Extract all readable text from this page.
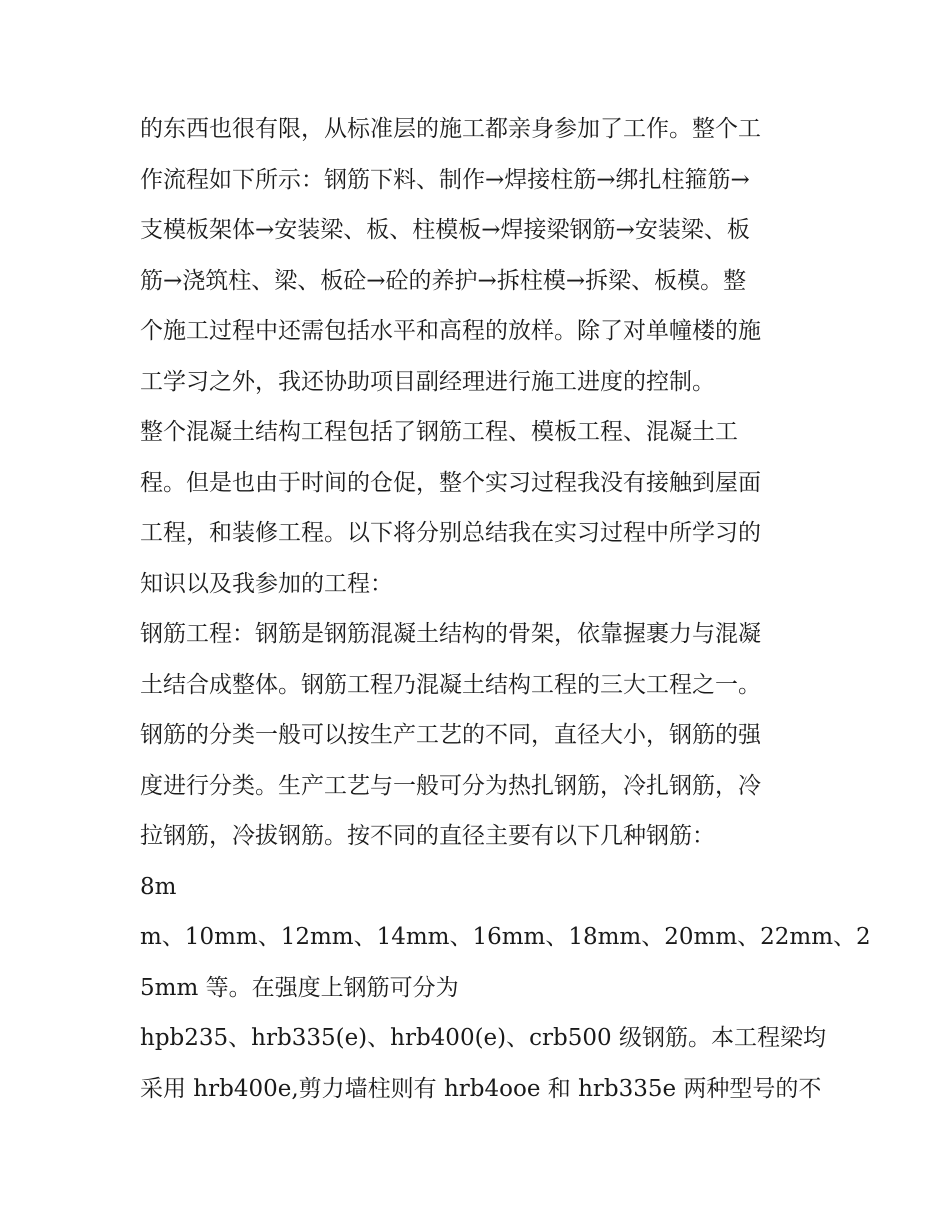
的东西也很有限，从标准层的施工都亲身参加了工作。整个工
作流程如下所示：钢筋下料、制作→焊接柱筋→绑扎柱箍筋→
支模板架体→安装梁、板、柱模板→焊接梁钢筋→安装梁、板
筋→浇筑柱、梁、板砼→砼的养护→拆柱模→拆梁、板模。整
个施工过程中还需包括水平和高程的放样。除了对单幢楼的施
工学习之外，我还协助项目副经理进行施工进度的控制。
整个混凝土结构工程包括了钢筋工程、模板工程、混凝土工
程。但是也由于时间的仓促，整个实习过程我没有接触到屋面
工程，和装修工程。以下将分别总结我在实习过程中所学习的
知识以及我参加的工程：
钢筋工程：钢筋是钢筋混凝土结构的骨架，依靠握裹力与混凝
土结合成整体。钢筋工程乃混凝土结构工程的三大工程之一。
钢筋的分类一般可以按生产工艺的不同，直径大小，钢筋的强
度进行分类。生产工艺与一般可分为热扎钢筋，冷扎钢筋，冷
拉钢筋，冷拔钢筋。按不同的直径主要有以下几种钢筋：
8m
m、10mm、12mm、14mm、16mm、18mm、20mm、22mm、2
5mm 等。在强度上钢筋可分为
hpb235、hrb335(e)、hrb400(e)、crb500 级钢筋。本工程梁均
采用 hrb400e,剪力墙柱则有 hrb4ooe 和 hrb335e 两种型号的不
